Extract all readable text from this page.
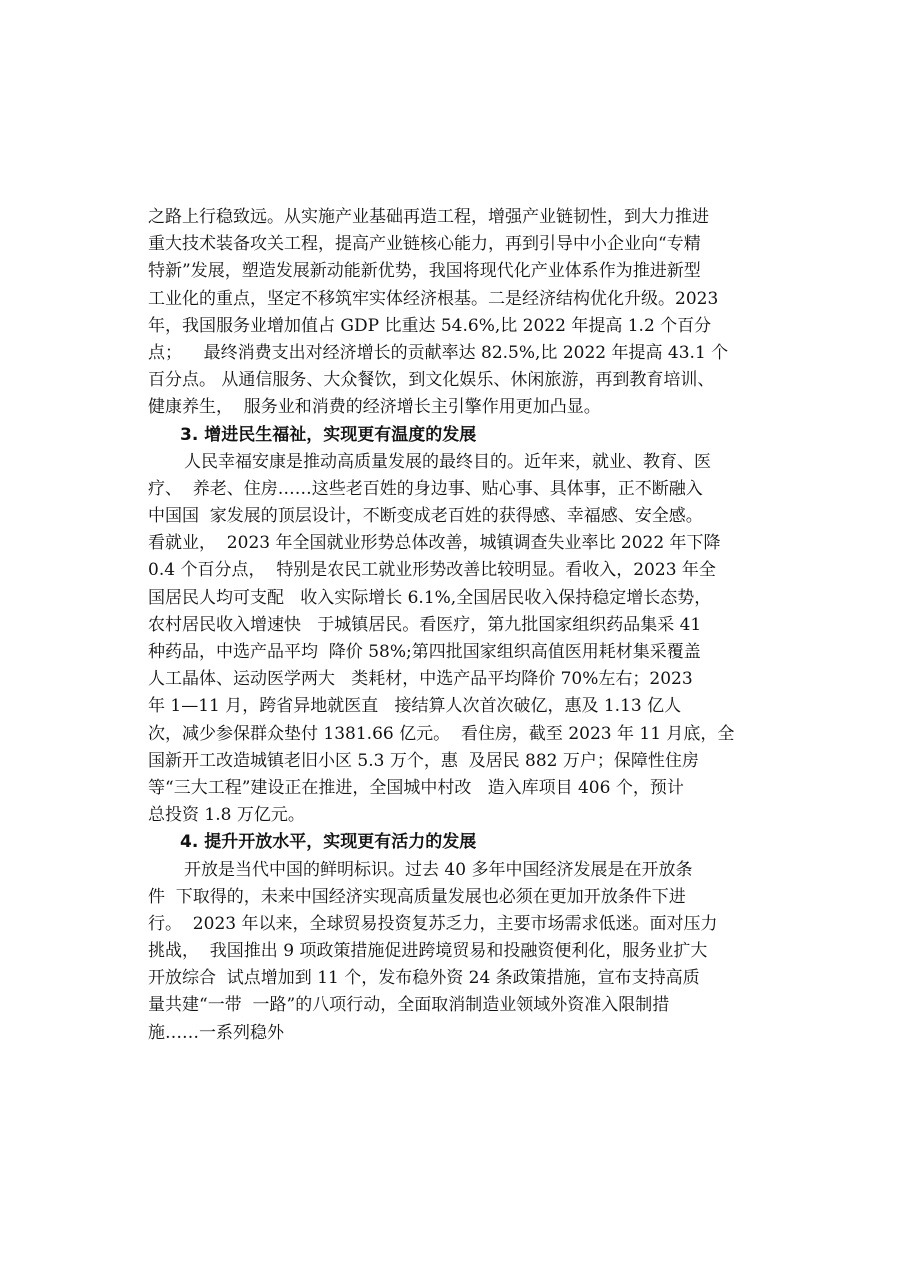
之路上行稳致远。从实施产业基础再造工程，增强产业链韧性，到大力推进
重大技术装备攻关工程，提高产业链核心能力，再到引导中小企业向“专精
特新”发展，塑造发展新动能新优势，我国将现代化产业体系作为推进新型
工业化的重点，坚定不移筑牢实体经济根基。二是经济结构优化升级。2023
年，我国服务业增加值占 GDP 比重达 54.6%,比 2022 年提高 1.2 个百分
点；    最终消费支出对经济增长的贡献率达 82.5%,比 2022 年提高 43.1 个
百分点。 从通信服务、大众餐饮，到文化娱乐、休闲旅游，再到教育培训、
健康养生，  服务业和消费的经济增长主引擎作用更加凸显。
3. 增进民生福祉，实现更有温度的发展
人民幸福安康是推动高质量发展的最终目的。近年来，就业、教育、医
疗、  养老、住房……这些老百姓的身边事、贴心事、具体事，正不断融入
中国国  家发展的顶层设计，不断变成老百姓的获得感、幸福感、安全感。
看就业，  2023 年全国就业形势总体改善，城镇调查失业率比 2022 年下降
0.4 个百分点，  特别是农民工就业形势改善比较明显。看收入，2023 年全
国居民人均可支配   收入实际增长 6.1%,全国居民收入保持稳定增长态势，
农村居民收入增速快   于城镇居民。看医疗，第九批国家组织药品集采 41
种药品，中选产品平均  降价 58%;第四批国家组织高值医用耗材集采覆盖
人工晶体、运动医学两大   类耗材，中选产品平均降价 70%左右；2023
年 1—11 月，跨省异地就医直   接结算人次首次破亿，惠及 1.13 亿人
次，减少参保群众垫付 1381.66 亿元。  看住房，截至 2023 年 11 月底，全
国新开工改造城镇老旧小区 5.3 万个，惠  及居民 882 万户；保障性住房
等“三大工程”建设正在推进，全国城中村改   造入库项目 406 个，预计
总投资 1.8 万亿元。
4. 提升开放水平，实现更有活力的发展
开放是当代中国的鲜明标识。过去 40 多年中国经济发展是在开放条
件  下取得的，未来中国经济实现高质量发展也必须在更加开放条件下进
行。  2023 年以来，全球贸易投资复苏乏力，主要市场需求低迷。面对压力
挑战，  我国推出 9 项政策措施促进跨境贸易和投融资便利化，服务业扩大
开放综合  试点增加到 11 个，发布稳外资 24 条政策措施，宣布支持高质
量共建“一带  一路”的八项行动，全面取消制造业领域外资准入限制措
施……一系列稳外
